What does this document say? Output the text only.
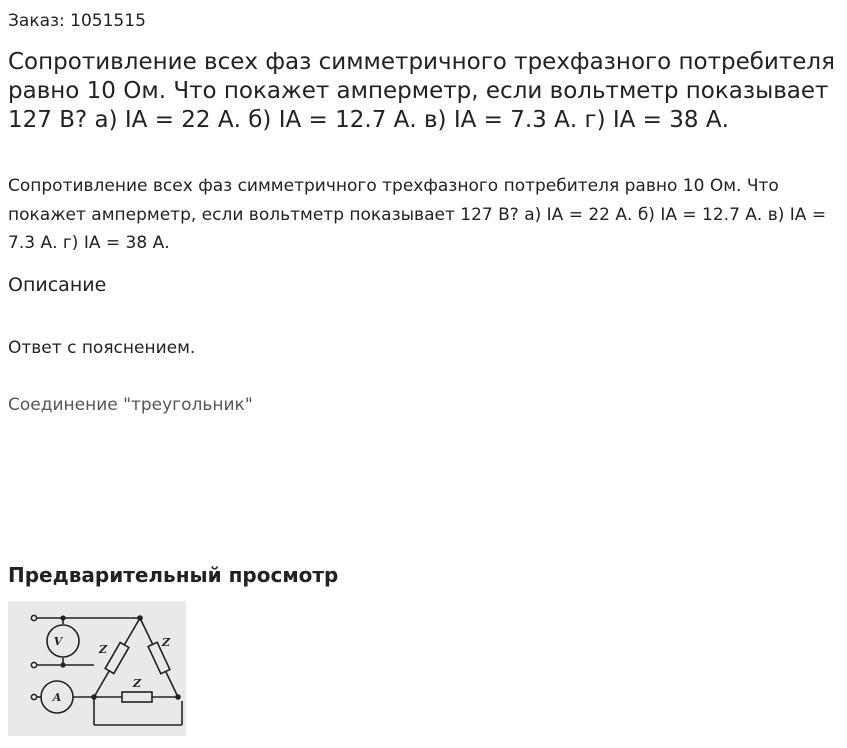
Заказ: 1051515
Сопротивление всех фаз симметричного трехфазного потребителя равно 10 Ом. Что покажет амперметр, если вольтметр показывает 127 В? а) IA = 22 А. б) IA = 12.7 А. в) IA = 7.3 А. г) IA = 38 А.
Сопротивление всех фаз симметричного трехфазного потребителя равно 10 Ом. Что покажет амперметр, если вольтметр показывает 127 В? а) IA = 22 А. б) IA = 12.7 А. в) IA = 7.3 А. г) IA = 38 А.
Описание
Ответ с пояснением.
Соединение "треугольник"
Предварительный просмотр
V
A
Z
Z
Z
